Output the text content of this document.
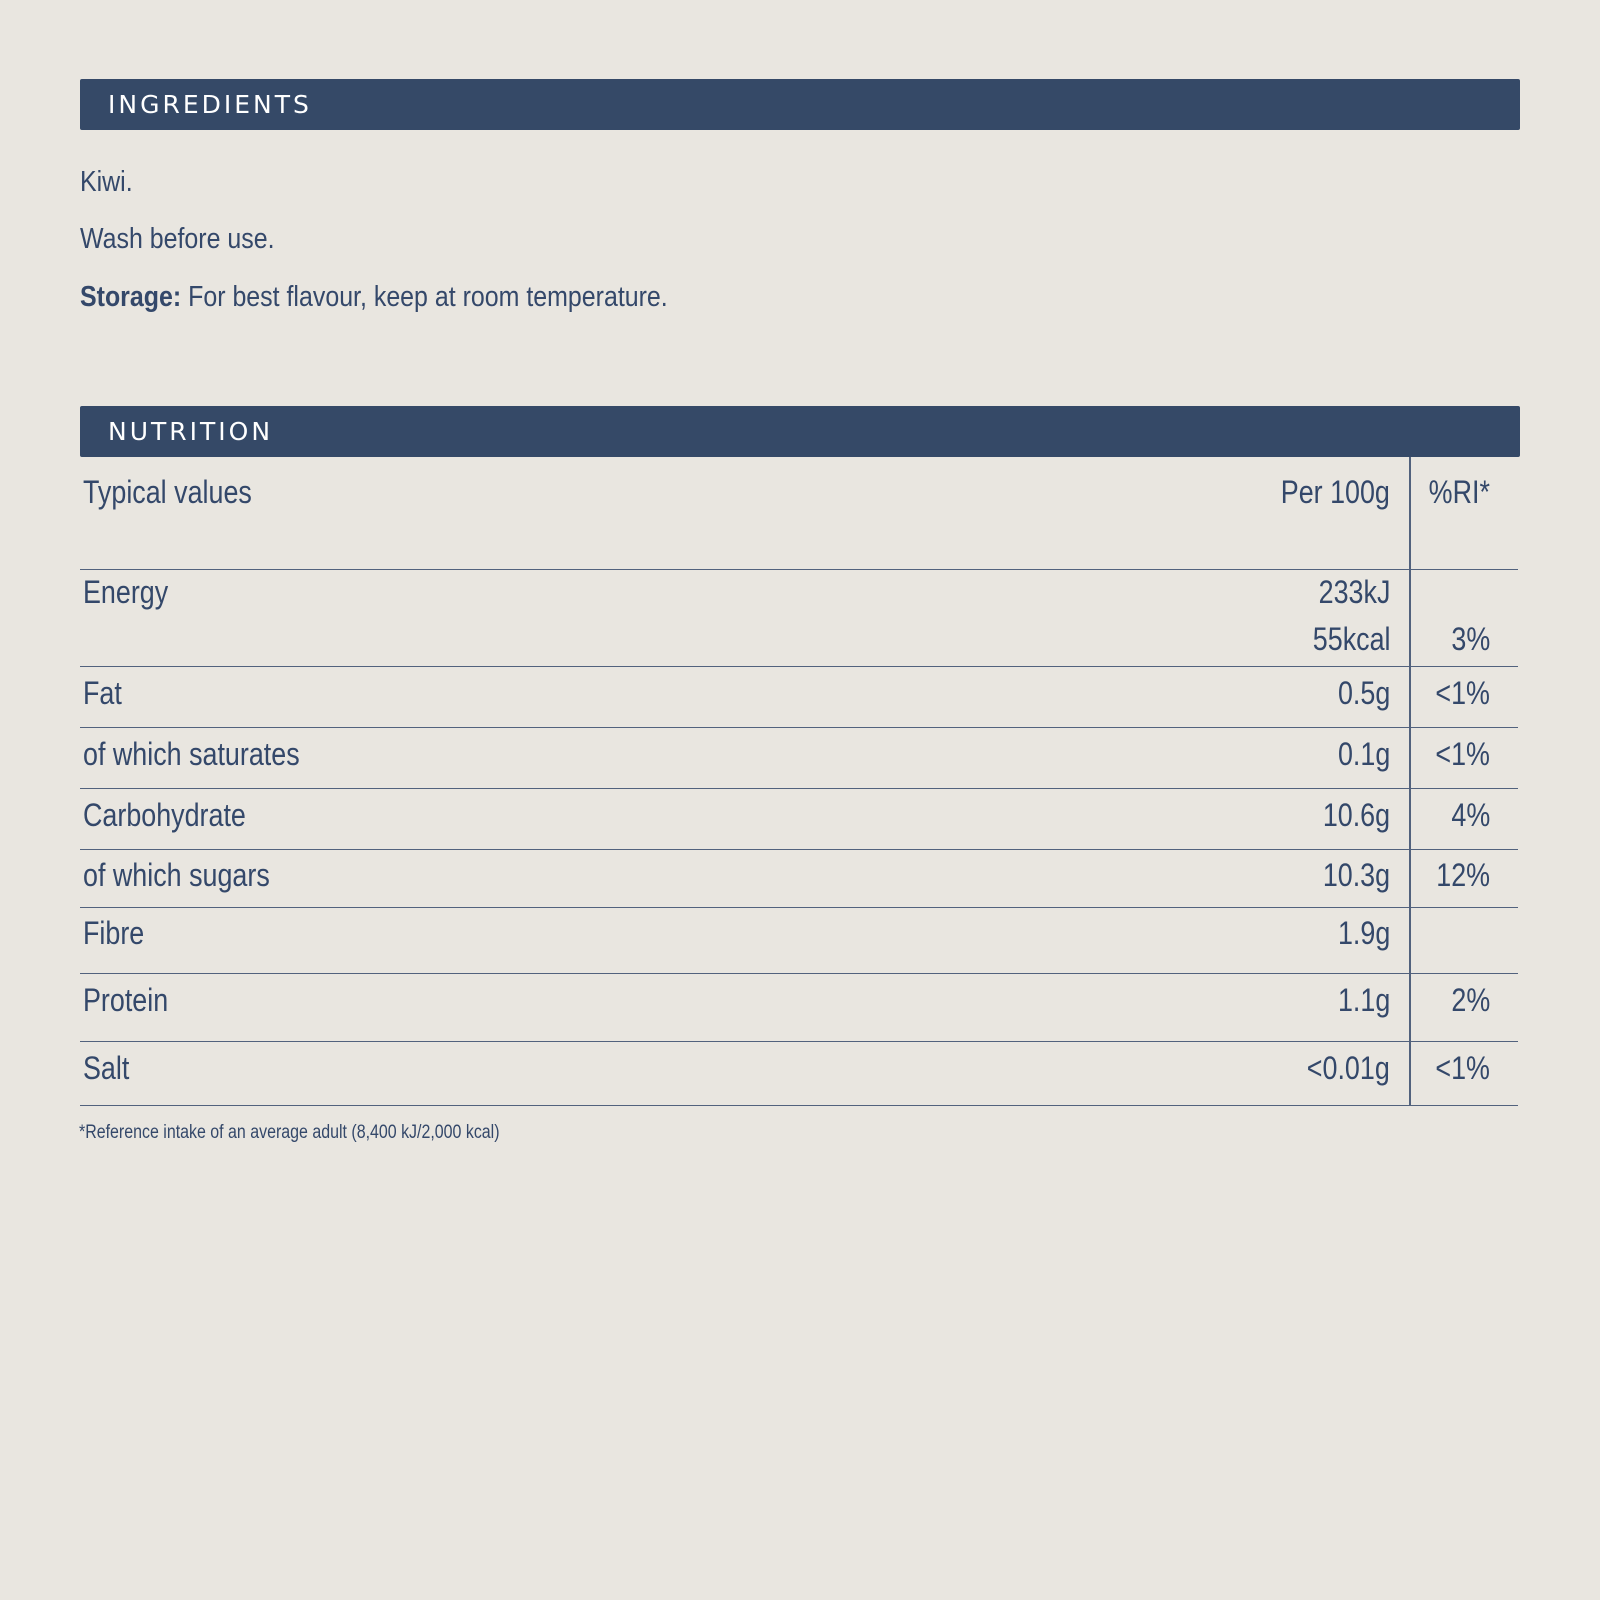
INGREDIENTS
Kiwi.
Wash before use.
Storage: For best flavour, keep at room temperature.
NUTRITION
Typical values	Per 100g %RI*
Energy	233kJ
55kcal 3%
Fat	0.5g <1%
of which saturates	0.1g <1%
Carbohydrate	10.6g 4%
of which sugars	10.3g 12%
Fibre	1.9g
Protein	1.1g 2%
Salt	<0.01g <1%
*Reference intake of an average adult (8,400 kJ/2,000 kcal)
